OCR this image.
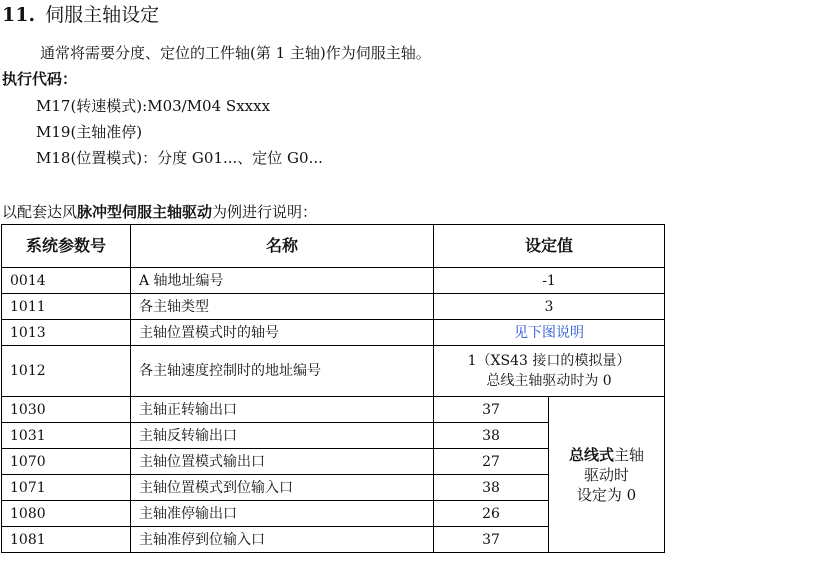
11. 伺服主轴设定
通常将需要分度、定位的工件轴(第 1 主轴)作为伺服主轴。
执行代码：
M17(转速模式):M03/M04 Sxxxx
M19(主轴准停)
M18(位置模式)：分度 G01...、定位 G0...
以配套达风脉冲型伺服主轴驱动为例进行说明：
系统参数号	名称	设定值	
0014	A 轴地址编号	-1	
1011	各主轴类型	3	
1013	主轴位置模式时的轴号	见下图说明	
1012	各主轴速度控制时的地址编号	1（XS43 接口的模拟量）
总线主轴驱动时为 0	
1030	主轴正转输出口	37	总线式主轴
驱动时
设定为 0
1031	主轴反转输出口	38	
1070	主轴位置模式输出口	27	
1071	主轴位置模式到位输入口	38	
1080	主轴准停输出口	26	
1081	主轴准停到位输入口	37	
